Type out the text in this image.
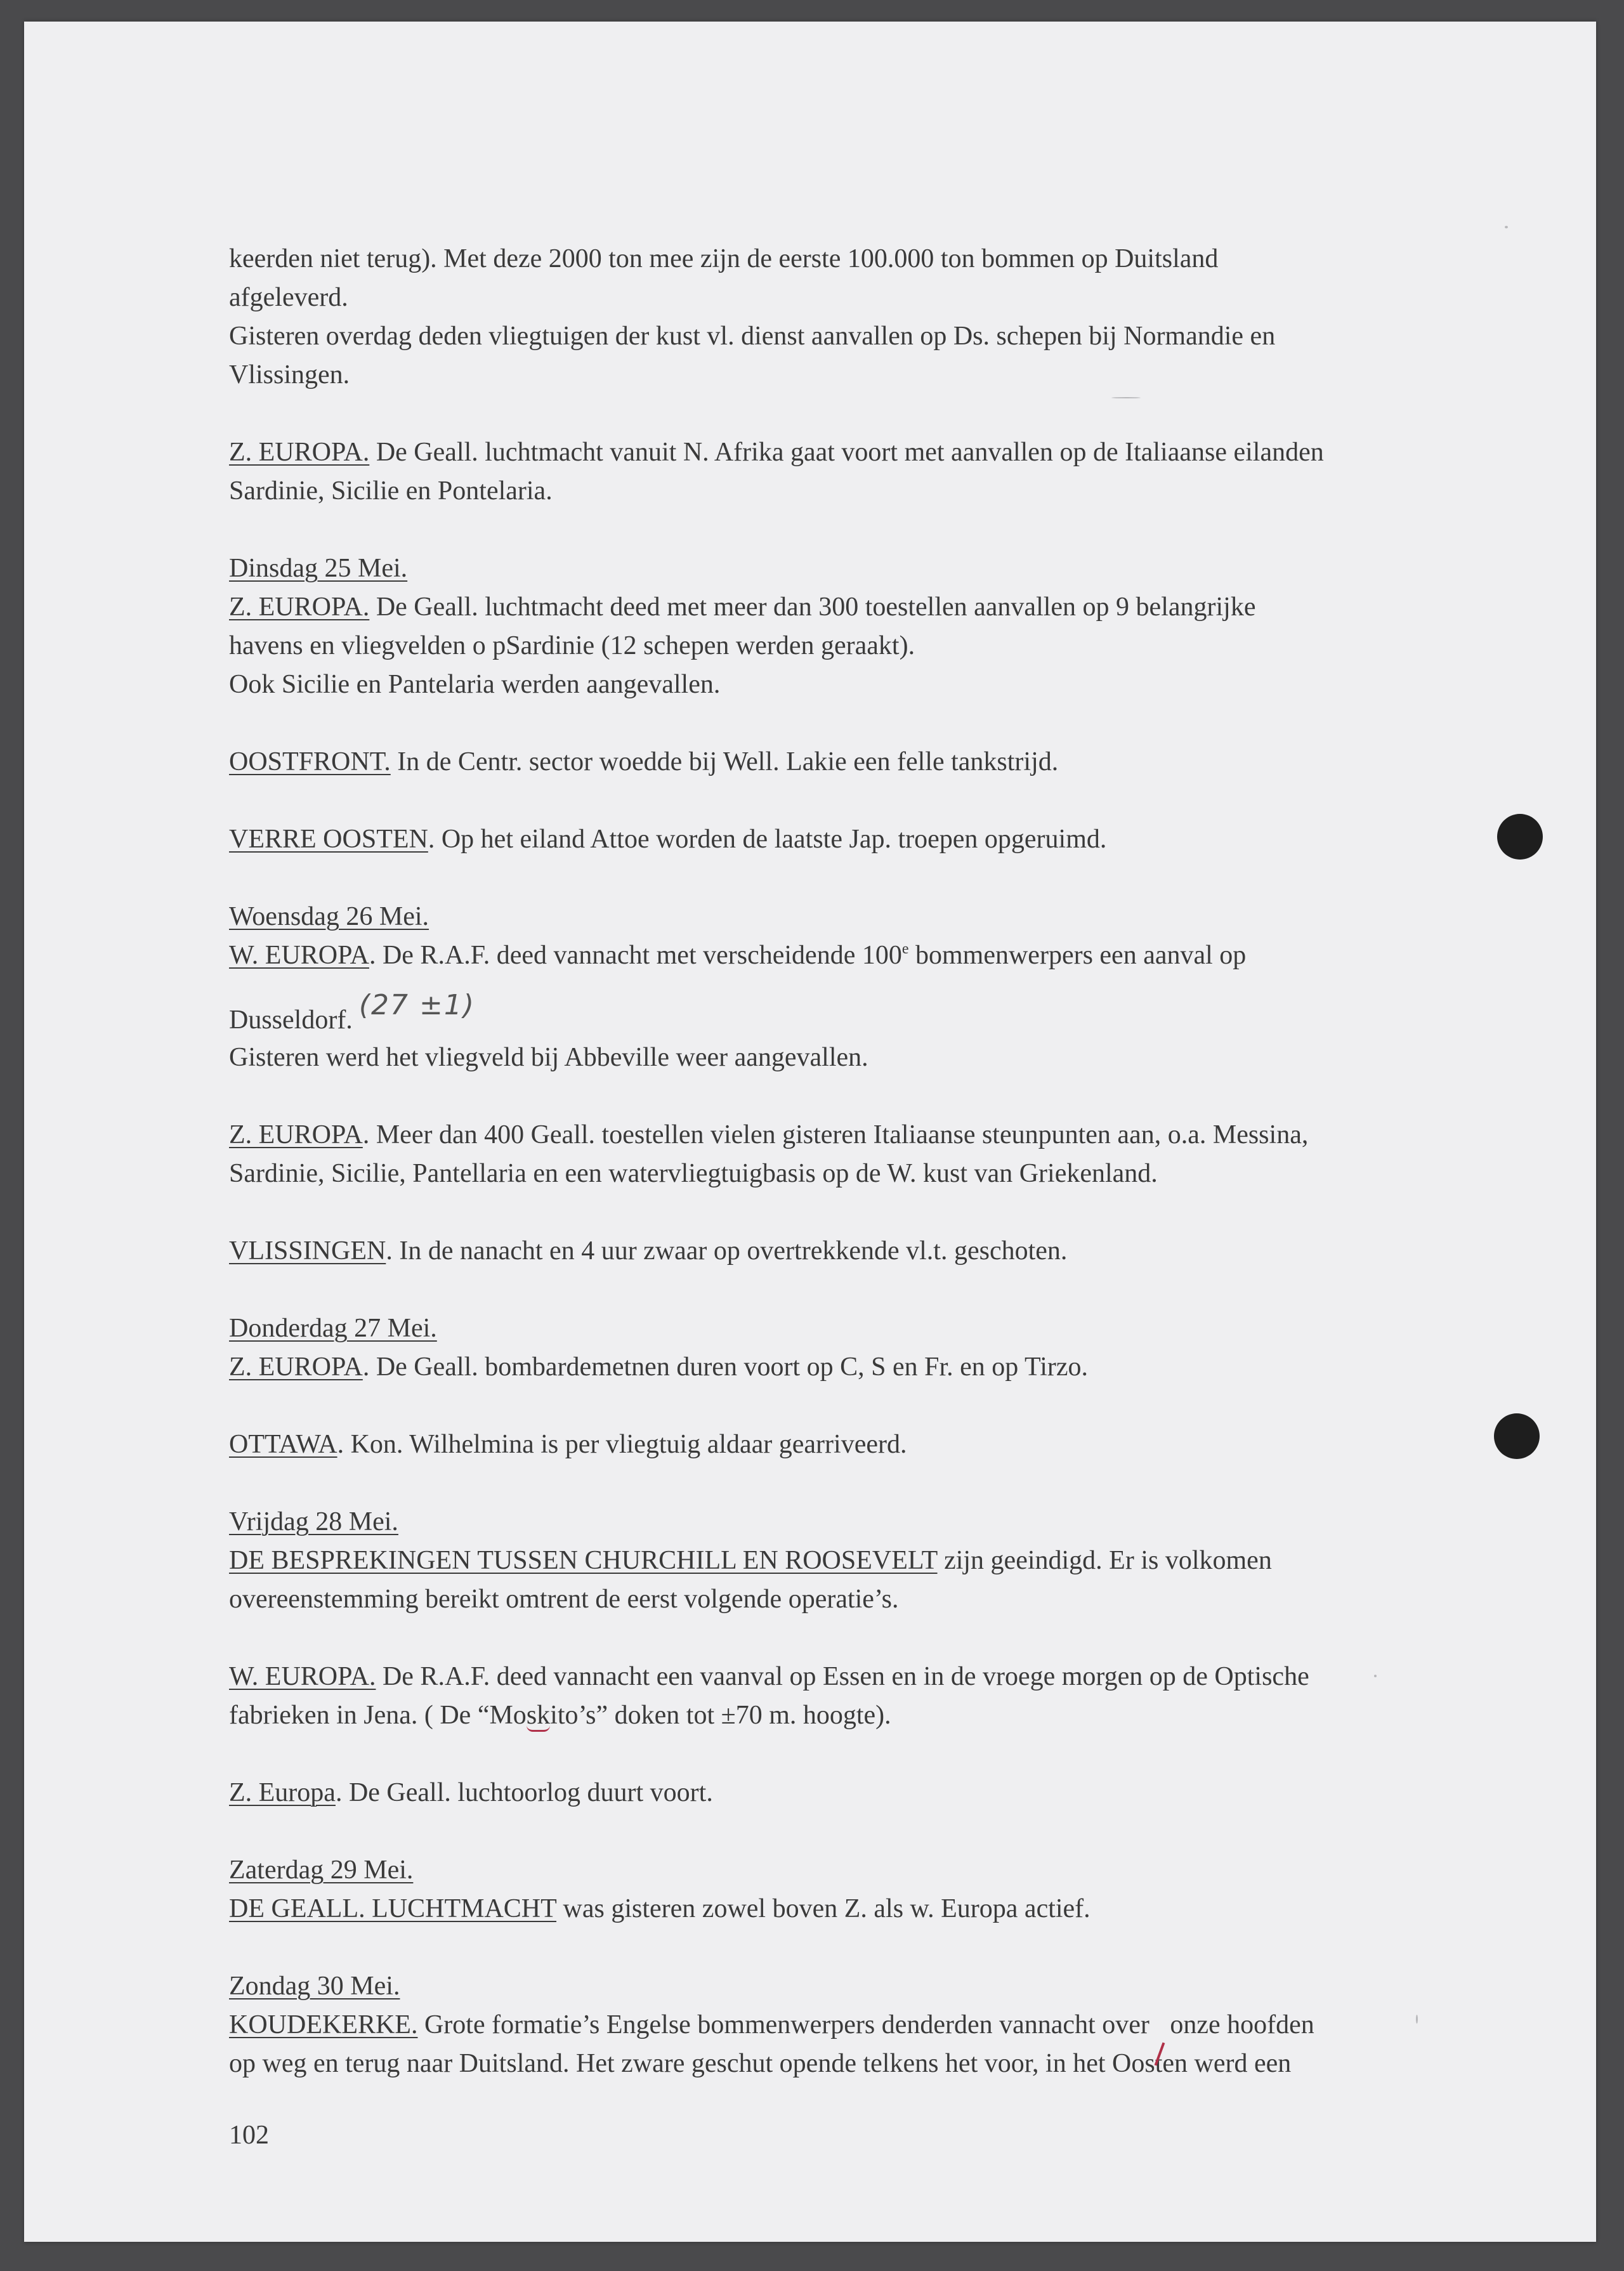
keerden niet terug). Met deze 2000 ton mee zijn de eerste 100.000 ton bommen op Duitsland
afgeleverd.
Gisteren overdag deden vliegtuigen der kust vl. dienst aanvallen op Ds. schepen bij Normandie en
Vlissingen.
Z. EUROPA. De Geall. luchtmacht vanuit N. Afrika gaat voort met aanvallen op de Italiaanse eilanden
Sardinie, Sicilie en Pontelaria.
Dinsdag 25 Mei.
Z. EUROPA. De Geall. luchtmacht deed met meer dan 300 toestellen aanvallen op 9 belangrijke
havens en vliegvelden o pSardinie (12 schepen werden geraakt).
Ook Sicilie en Pantelaria werden aangevallen.
OOSTFRONT. In de Centr. sector woedde bij Well. Lakie een felle tankstrijd.
VERRE OOSTEN. Op het eiland Attoe worden de laatste Jap. troepen opgeruimd.
Woensdag 26 Mei.
W. EUROPA. De R.A.F. deed vannacht met verscheidende 100e bommenwerpers een aanval op
Dusseldorf. (27 ±1)
Gisteren werd het vliegveld bij Abbeville weer aangevallen.
Z. EUROPA. Meer dan 400 Geall. toestellen vielen gisteren Italiaanse steunpunten aan, o.a. Messina,
Sardinie, Sicilie, Pantellaria en een watervliegtuigbasis op de W. kust van Griekenland.
VLISSINGEN. In de nanacht en 4 uur zwaar op overtrekkende vl.t. geschoten.
Donderdag 27 Mei.
Z. EUROPA. De Geall. bombardemetnen duren voort op C, S en Fr. en op Tirzo.
OTTAWA. Kon. Wilhelmina is per vliegtuig aldaar gearriveerd.
Vrijdag 28 Mei.
DE BESPREKINGEN TUSSEN CHURCHILL EN ROOSEVELT zijn geeindigd. Er is volkomen
overeenstemming bereikt omtrent de eerst volgende operatie’s.
W. EUROPA. De R.A.F. deed vannacht een vaanval op Essen en in de vroege morgen op de Optische
fabrieken in Jena. ( De “Moskito’s” doken tot ±70 m. hoogte).
Z. Europa. De Geall. luchtoorlog duurt voort.
Zaterdag 29 Mei.
DE GEALL. LUCHTMACHT was gisteren zowel boven Z. als w. Europa actief.
Zondag 30 Mei.
KOUDEKERKE. Grote formatie’s Engelse bommenwerpers denderden vannacht over onze hoofden
op weg en terug naar Duitsland. Het zware geschut opende telkens het voor, in het Oosten werd een
102
